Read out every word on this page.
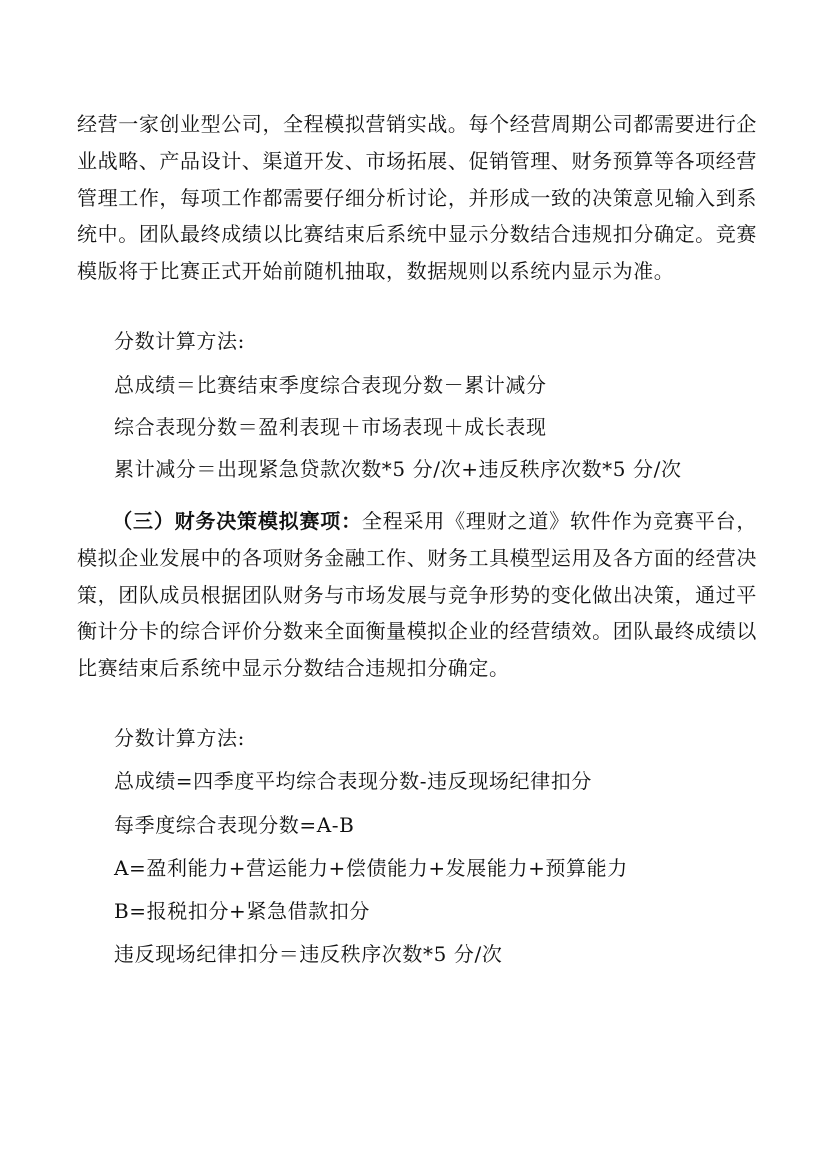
经营一家创业型公司，全程模拟营销实战。每个经营周期公司都需要进行企业战略、产品设计、渠道开发、市场拓展、促销管理、财务预算等各项经营管理工作，每项工作都需要仔细分析讨论，并形成一致的决策意见输入到系统中。团队最终成绩以比赛结束后系统中显示分数结合违规扣分确定。竞赛模版将于比赛正式开始前随机抽取，数据规则以系统内显示为准。

分数计算方法:

总成绩＝比赛结束季度综合表现分数－累计减分

综合表现分数＝盈利表现＋市场表现＋成长表现

累计减分＝出现紧急贷款次数*5 分/次+违反秩序次数*5 分/次

（三）财务决策模拟赛项：全程采用《理财之道》软件作为竞赛平台，模拟企业发展中的各项财务金融工作、财务工具模型运用及各方面的经营决策，团队成员根据团队财务与市场发展与竞争形势的变化做出决策，通过平衡计分卡的综合评价分数来全面衡量模拟企业的经营绩效。团队最终成绩以比赛结束后系统中显示分数结合违规扣分确定。

分数计算方法:

总成绩=四季度平均综合表现分数-违反现场纪律扣分

每季度综合表现分数=A-B

A=盈利能力+营运能力+偿债能力+发展能力+预算能力

B=报税扣分+紧急借款扣分

违反现场纪律扣分＝违反秩序次数*5 分/次
